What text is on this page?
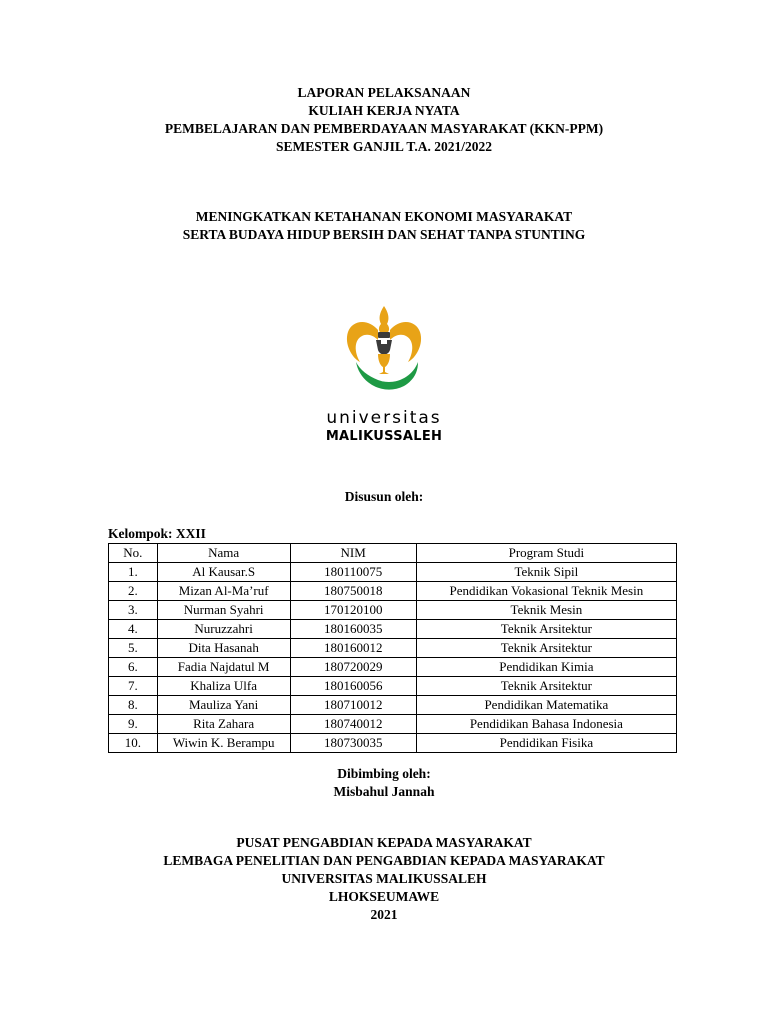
LAPORAN PELAKSANAAN
KULIAH KERJA NYATA
PEMBELAJARAN DAN PEMBERDAYAAN MASYARAKAT (KKN-PPM)
SEMESTER GANJIL T.A. 2021/2022
MENINGKATKAN KETAHANAN EKONOMI MASYARAKAT
SERTA BUDAYA HIDUP BERSIH DAN SEHAT TANPA STUNTING
universitas
MALIKUSSALEH
Disusun oleh:
Kelompok: XXII
No.	Nama	NIM	Program Studi
1.	Al Kausar.S	180110075	Teknik Sipil
2.	Mizan Al-Ma’ruf	180750018	Pendidikan Vokasional Teknik Mesin
3.	Nurman Syahri	170120100	Teknik Mesin
4.	Nuruzzahri	180160035	Teknik Arsitektur
5.	Dita Hasanah	180160012	Teknik Arsitektur
6.	Fadia Najdatul M	180720029	Pendidikan Kimia
7.	Khaliza Ulfa	180160056	Teknik Arsitektur
8.	Mauliza Yani	180710012	Pendidikan Matematika
9.	Rita Zahara	180740012	Pendidikan Bahasa Indonesia
10.	Wiwin K. Berampu	180730035	Pendidikan Fisika
Dibimbing oleh:
Misbahul Jannah
PUSAT PENGABDIAN KEPADA MASYARAKAT
LEMBAGA PENELITIAN DAN PENGABDIAN KEPADA MASYARAKAT
UNIVERSITAS MALIKUSSALEH
LHOKSEUMAWE
2021
